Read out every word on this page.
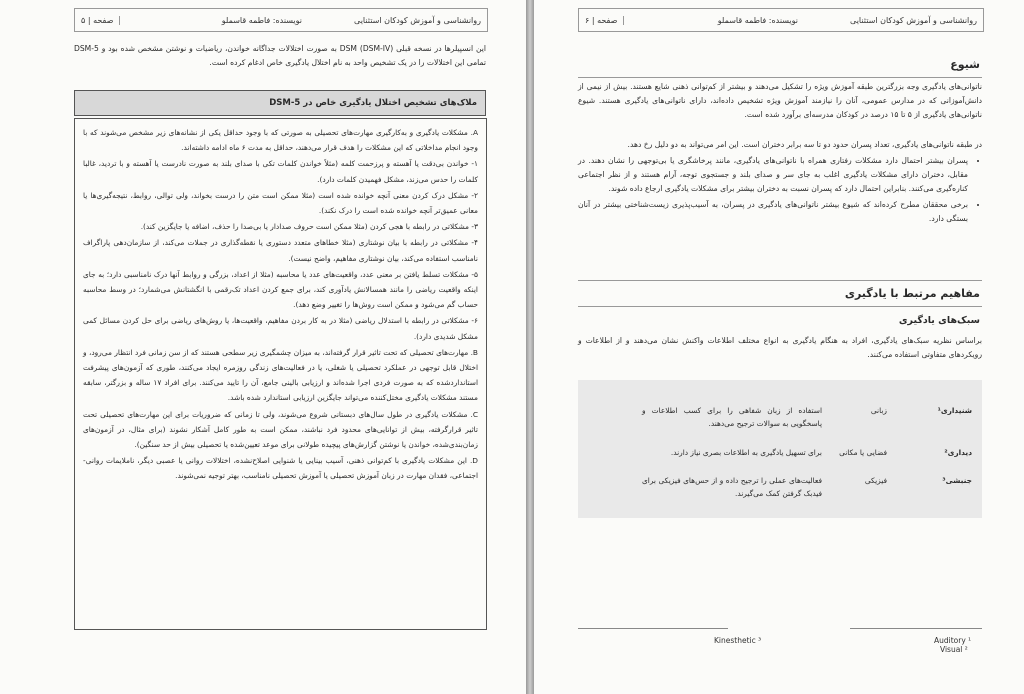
روانشناسی و آموزش کودکان استثنایی
نویسنده: فاطمه قاسملو
صفحه | ۵
این انسپیلرها در نسخه قبلی DSM (DSM-IV) به صورت اختلالات جداگانه خواندن، ریاضیات و نوشتن مشخص شده بود و DSM-5 تمامی این اختلالات را در یک تشخیص واحد به نام اختلال یادگیری خاص ادغام کرده است.
ملاک‌های تشخیص اختلال یادگیری خاص در DSM-5

A. مشکلات یادگیری و به‌کارگیری مهارت‌های تحصیلی به صورتی که با وجود حداقل یکی از نشانه‌های زیر مشخص می‌شوند که با وجود انجام مداخلاتی که این مشکلات را هدف قرار می‌دهند، حداقل به مدت ۶ ماه ادامه داشته‌اند.

۱- خواندن بی‌دقت یا آهسته و پرزحمت کلمه (مثلاً خواندن کلمات تکی با صدای بلند به صورت نادرست یا آهسته و با تردید، غالبا کلمات را حدس می‌زند، مشکل فهمیدن کلمات دارد).

۲- مشکل درک کردن معنی آنچه خوانده شده است (مثلا ممکن است متن را درست بخواند، ولی توالی، روابط، نتیجه‌گیری‌ها یا معانی عمیق‌تر آنچه خوانده شده است را درک نکند).

۳- مشکلاتی در رابطه با هجی کردن (مثلا ممکن است حروف صدادار یا بی‌صدا را حذف، اضافه یا جایگزین کند).

۴- مشکلاتی در رابطه با بیان نوشتاری (مثلا خطاهای متعدد دستوری یا نقطه‌گذاری در جملات می‌کند، از سازمان‌دهی پاراگراف نامناسب استفاده می‌کند، بیان نوشتاری مفاهیم، واضح نیست).

۵- مشکلات تسلط یافتن بر معنی عدد، واقعیت‌های عدد یا محاسبه (مثلا از اعداد، بزرگی و روابط آنها درک نامناسبی دارد؛ به جای اینکه واقعیت ریاضی را مانند همسالانش یادآوری کند، برای جمع کردن اعداد تک‌رقمی با انگشتانش می‌شمارد؛ در وسط محاسبه حساب گم می‌شود و ممکن است روش‌ها را تغییر وضع دهد).

۶- مشکلاتی در رابطه با استدلال ریاضی (مثلا در به کار بردن مفاهیم، واقعیت‌ها، یا روش‌های ریاضی برای حل کردن مسائل کمی مشکل شدیدی دارد).

B. مهارت‌های تحصیلی که تحت تاثیر قرار گرفته‌اند، به میزان چشمگیری زیر سطحی هستند که از سن زمانی فرد انتظار می‌رود، و اختلال قابل توجهی در عملکرد تحصیلی یا شغلی، یا در فعالیت‌های زندگی روزمره ایجاد می‌کنند، طوری که آزمون‌های پیشرفت استانداردشده که به صورت فردی اجرا شده‌اند و ارزیابی بالینی جامع، آن را تایید می‌کنند. برای افراد ۱۷ ساله و بزرگتر، سابقه مستند مشکلات یادگیری مختل‌کننده می‌تواند جایگزین ارزیابی استاندارد شده باشد.

C. مشکلات یادگیری در طول سال‌های دبستانی شروع می‌شوند، ولی تا زمانی که ضروریات برای این مهارت‌های تحصیلی تحت تاثیر قرارگرفته، بیش از توانایی‌های محدود فرد نباشند، ممکن است به طور کامل آشکار نشوند (برای مثال، در آزمون‌های زمان‌بندی‌شده، خواندن یا نوشتن گزارش‌های پیچیده طولانی برای موعد تعیین‌شده یا تحصیلی بیش از حد سنگین).

D. این مشکلات یادگیری با کم‌توانی ذهنی، آسیب بینایی یا شنوایی اصلاح‌نشده، اختلالات روانی یا عصبی دیگر، ناملایمات روانی-اجتماعی، فقدان مهارت در زبان آموزش تحصیلی یا آموزش تحصیلی نامناسب، بهتر توجیه نمی‌شوند.

روانشناسی و آموزش کودکان استثنایی
نویسنده: فاطمه قاسملو
صفحه | ۶
شیوع
ناتوانی‌های یادگیری وجه بزرگترین طبقه آموزش ویژه را تشکیل می‌دهند و بیشتر از کم‌توانی ذهنی شایع هستند. بیش از نیمی از دانش‌آموزانی که در مدارس عمومی، آنان را نیازمند آموزش ویژه تشخیص داده‌اند، دارای ناتوانی‌های یادگیری هستند. شیوع ناتوانی‌های یادگیری از ۵ تا ۱۵ درصد در کودکان مدرسه‌ای برآورد شده است.
در طبقه ناتوانی‌های یادگیری، تعداد پسران حدود دو تا سه برابر دختران است. این امر می‌تواند به دو دلیل رخ دهد.
• پسران بیشتر احتمال دارد مشکلات رفتاری همراه با ناتوانی‌های یادگیری، مانند پرخاشگری یا بی‌توجهی را نشان دهند. در مقابل، دختران دارای مشکلات یادگیری اغلب به جای سر و صدای بلند و جستجوی توجه، آرام هستند و از نظر اجتماعی کناره‌گیری می‌کنند. بنابراین احتمال دارد که پسران نسبت به دختران بیشتر برای مشکلات یادگیری ارجاع داده شوند.
• برخی محققان مطرح کرده‌اند که شیوع بیشتر ناتوانی‌های یادگیری در پسران، به آسیب‌پذیری زیست‌شناختی بیشتر در آنان بستگی دارد.
مفاهیم مرتبط با یادگیری
سبک‌های یادگیری
براساس نظریه سبک‌های یادگیری، افراد به هنگام یادگیری به انواع مختلف اطلاعات واکنش نشان می‌دهند و از اطلاعات و رویکردهای متفاوتی استفاده می‌کنند.
شنیداری¹
زبانی
استفاده از زبان شفاهی را برای کسب اطلاعات و پاسخگویی به سوالات ترجیح می‌دهند.
دیداری²
فضایی یا مکانی
برای تسهیل یادگیری به اطلاعات بصری نیاز دارند.
جنبشی³
فیزیکی
فعالیت‌های عملی را ترجیح داده و از حس‌های فیزیکی برای فیدبک گرفتن کمک می‌گیرند.
Kinesthetic ³	Auditory ¹
Visual ²
